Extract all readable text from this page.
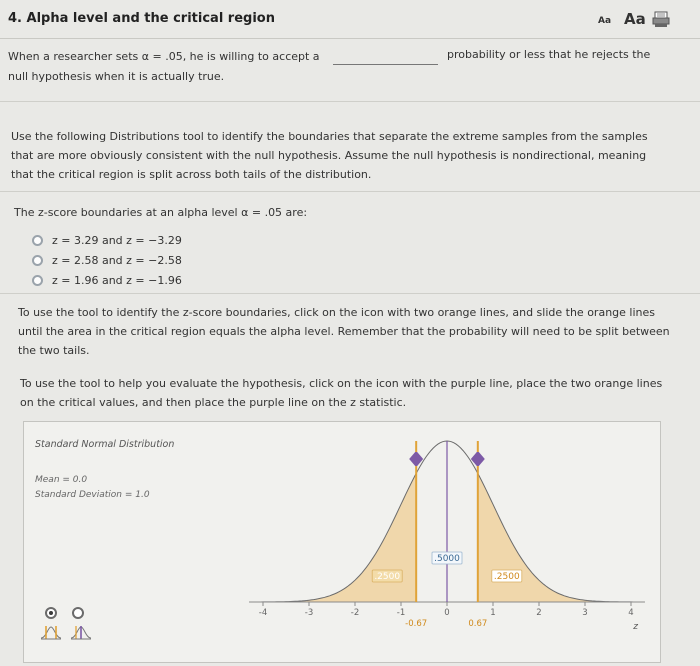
4. Alpha level and the critical region	Aa Aa
When a researcher sets α = .05, he is willing to accept a
null hypothesis when it is actually true.
probability or less that he rejects the
Use the following Distributions tool to identify the boundaries that separate the extreme samples from the samples
that are more obviously consistent with the null hypothesis. Assume the null hypothesis is nondirectional, meaning
that the critical region is split across both tails of the distribution.
The z-score boundaries at an alpha level α = .05 are:
z = 3.29 and z = −3.29
z = 2.58 and z = −2.58
z = 1.96 and z = −1.96
To use the tool to identify the z-score boundaries, click on the icon with two orange lines, and slide the orange lines
until the area in the critical region equals the alpha level. Remember that the probability will need to be split between
the two tails.
To use the tool to help you evaluate the hypothesis, click on the icon with the purple line, place the two orange lines
on the critical values, and then place the purple line on the z statistic.
Standard Normal Distribution
Mean = 0.0
Standard Deviation = 1.0
-4	-3	-2	-1	0	1	2	3	4
.2500
.5000
.2500
-0.67	0.67	z
